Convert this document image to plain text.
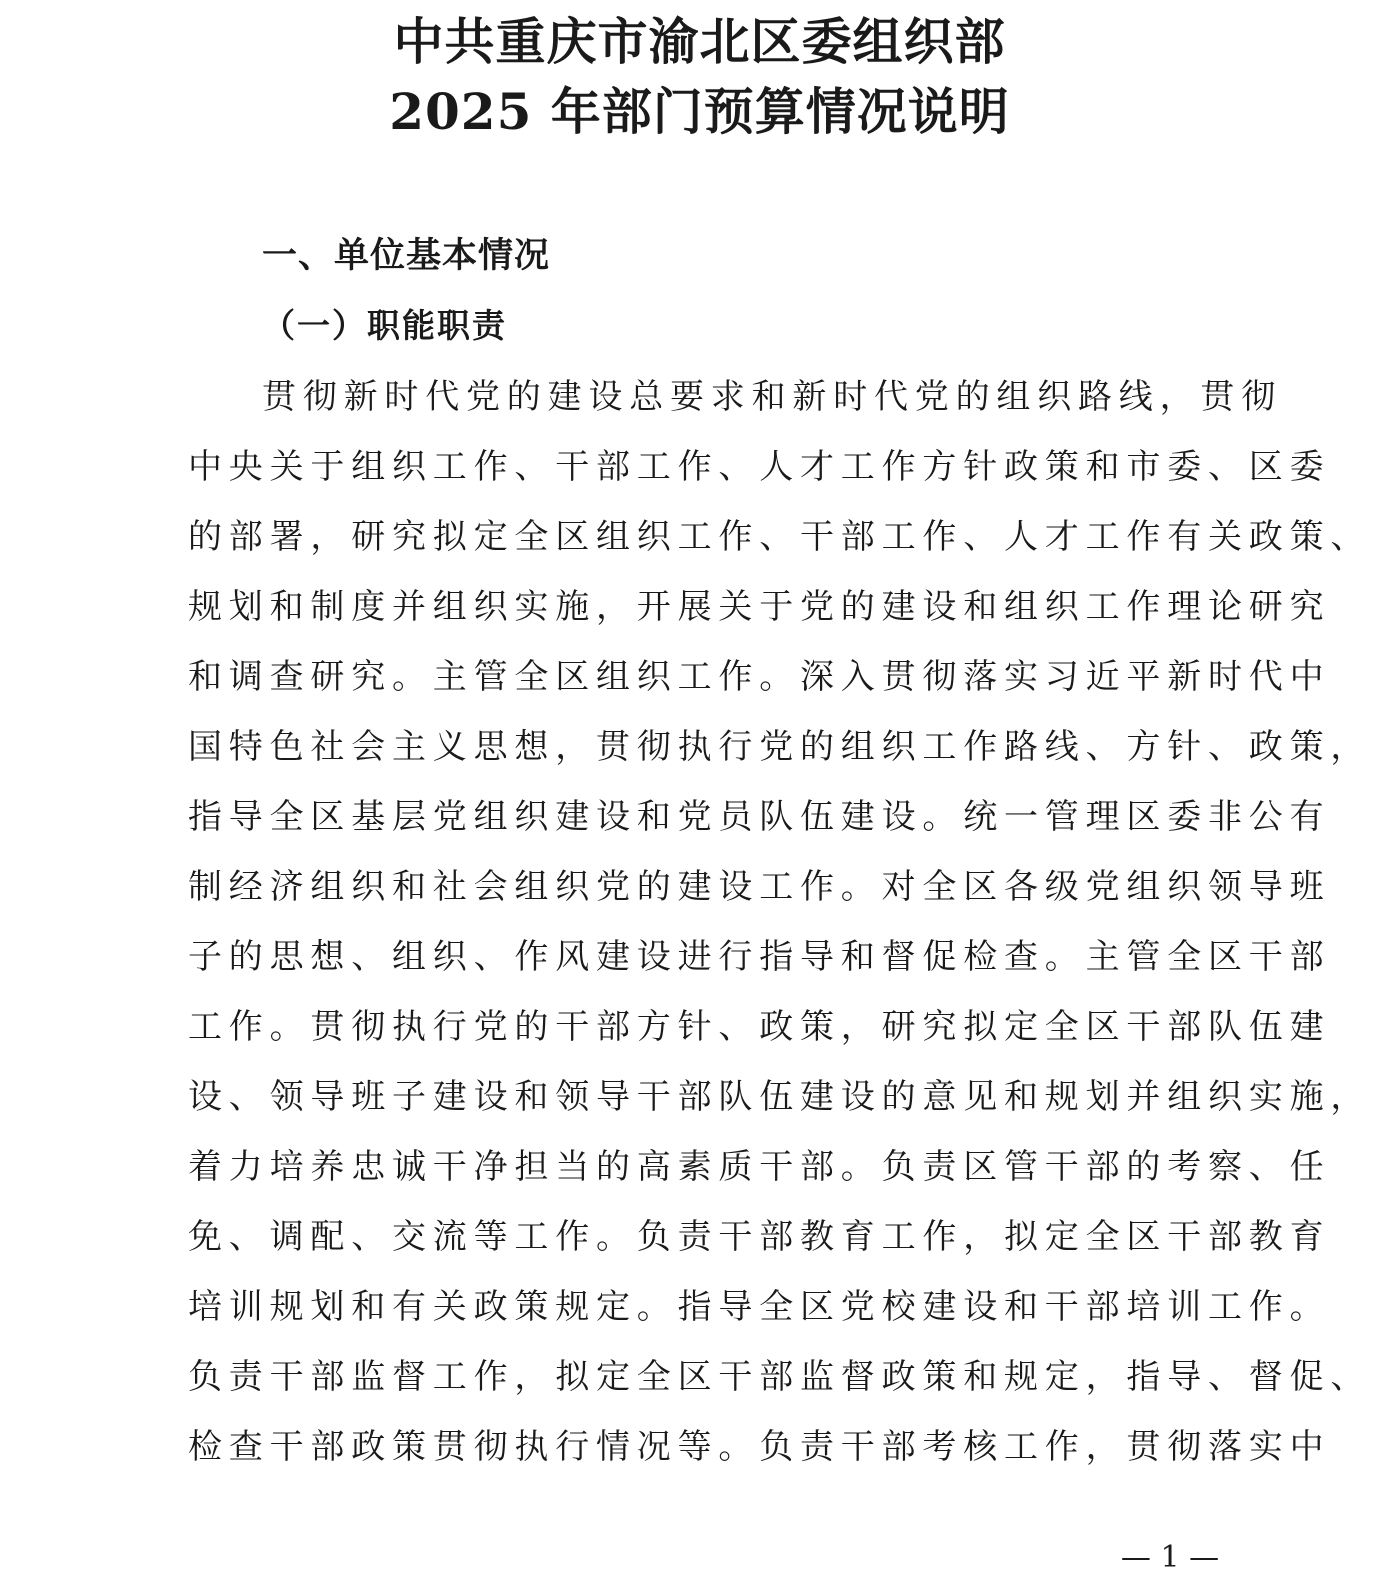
中共重庆市渝北区委组织部
2025 年部门预算情况说明
一、单位基本情况
（一）职能职责

贯彻新时代党的建设总要求和新时代党的组织路线，贯彻

中央关于组织工作、干部工作、人才工作方针政策和市委、区委

的部署，研究拟定全区组织工作、干部工作、人才工作有关政策、

规划和制度并组织实施，开展关于党的建设和组织工作理论研究

和调查研究。主管全区组织工作。深入贯彻落实习近平新时代中

国特色社会主义思想，贯彻执行党的组织工作路线、方针、政策，

指导全区基层党组织建设和党员队伍建设。统一管理区委非公有

制经济组织和社会组织党的建设工作。对全区各级党组织领导班

子的思想、组织、作风建设进行指导和督促检查。主管全区干部

工作。贯彻执行党的干部方针、政策，研究拟定全区干部队伍建

设、领导班子建设和领导干部队伍建设的意见和规划并组织实施，

着力培养忠诚干净担当的高素质干部。负责区管干部的考察、任

免、调配、交流等工作。负责干部教育工作，拟定全区干部教育

培训规划和有关政策规定。指导全区党校建设和干部培训工作。

负责干部监督工作，拟定全区干部监督政策和规定，指导、督促、

检查干部政策贯彻执行情况等。负责干部考核工作，贯彻落实中

— 1 —
